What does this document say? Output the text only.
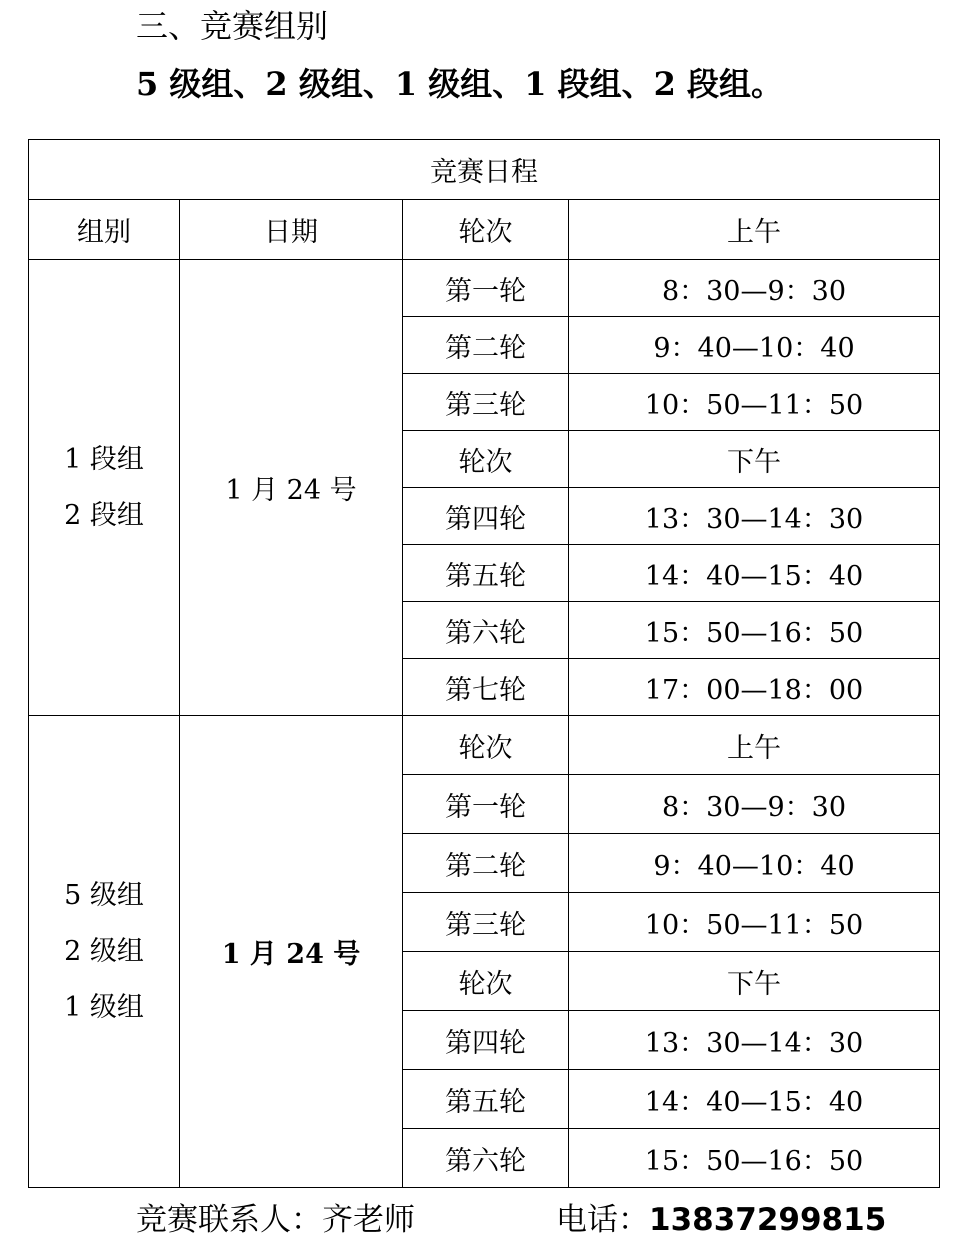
三、竞赛组别
5 级组、2 级组、1 级组、1 段组、2 段组。
竞赛日程			
组别	日期	轮次	上午

1 段组
2 段组	1 月 24 号	第一轮	8：30—9：30
		第二轮	9：40—10：40
		第三轮	10：50—11：50
		轮次	下午
		第四轮	13：30—14：30
		第五轮	14：40—15：40
		第六轮	15：50—16：50
		第七轮	17：00—18：00

5 级组
2 级组
1 级组	1 月 24 号	轮次	上午
		第一轮	8：30—9：30
		第二轮	9：40—10：40
		第三轮	10：50—11：50
		轮次	下午
		第四轮	13：30—14：30
		第五轮	14：40—15：40
		第六轮	15：50—16：50
竞赛联系人：齐老师	电话：13837299815
